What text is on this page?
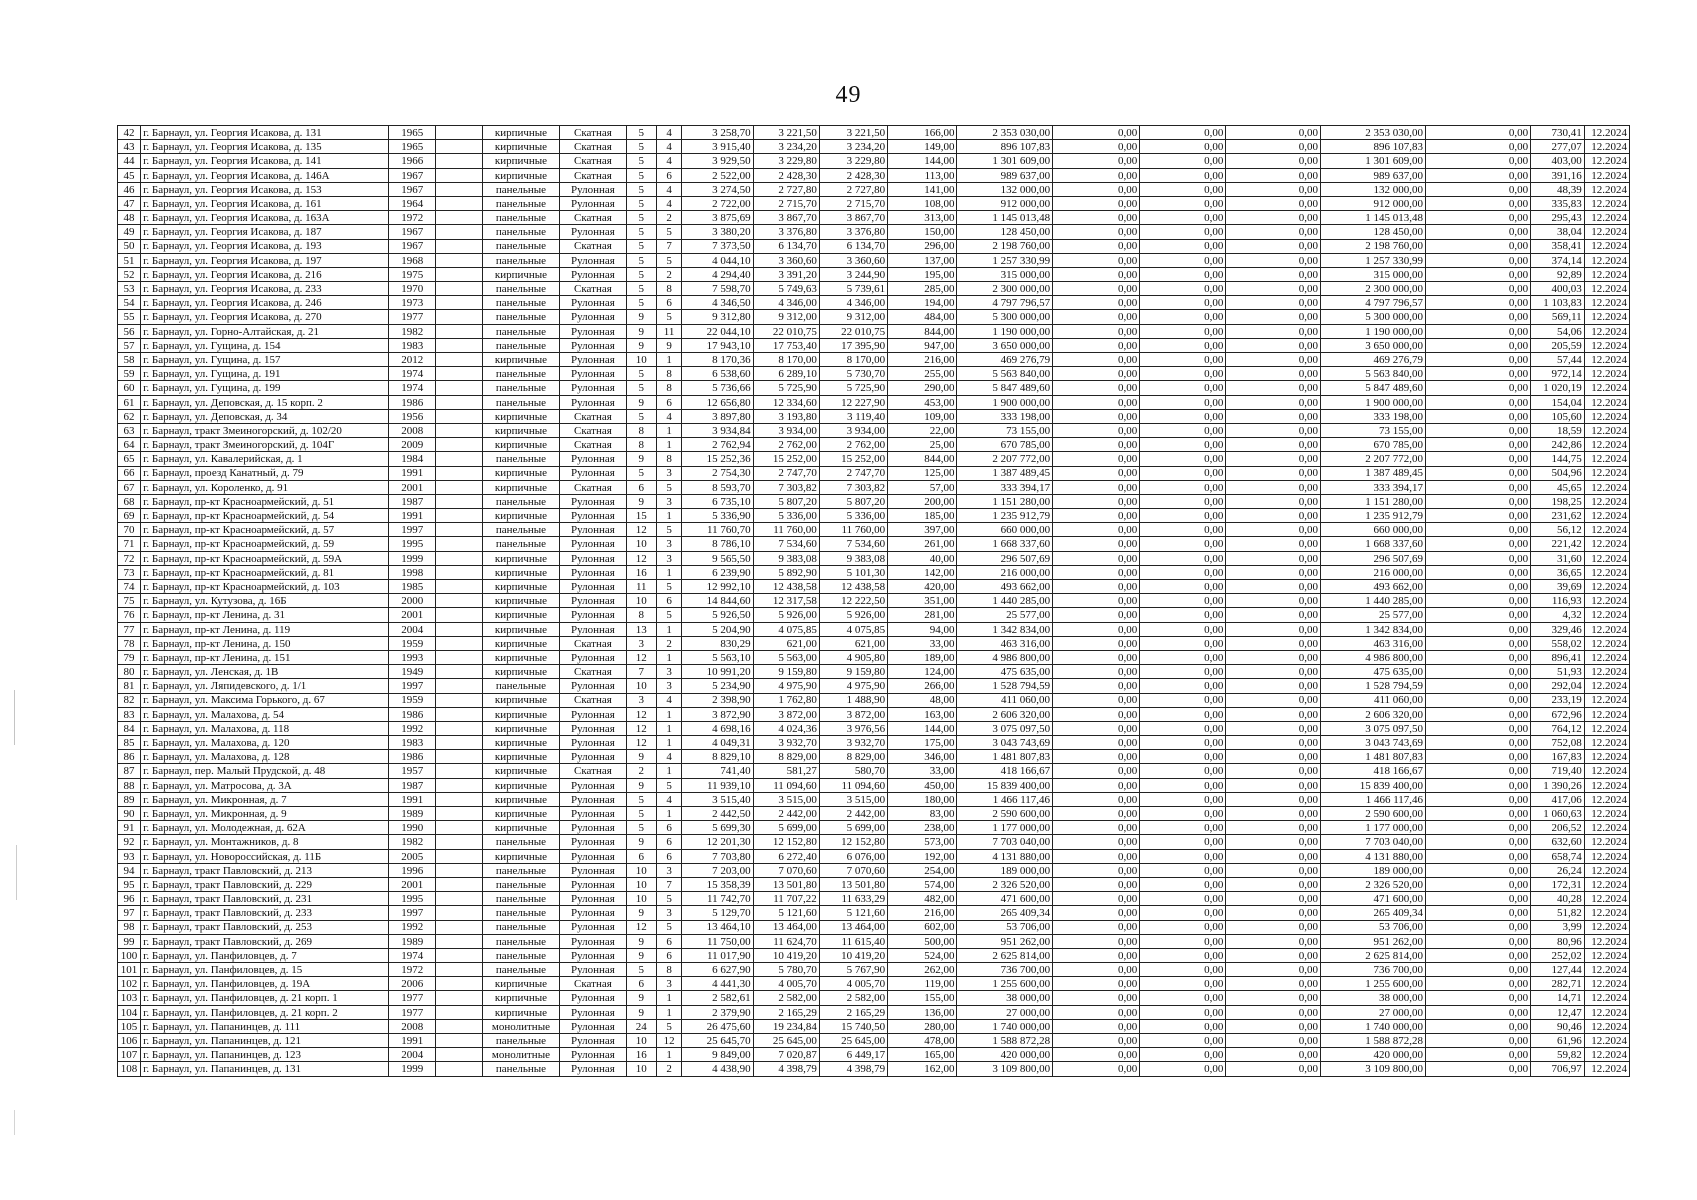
49
42	г. Барнаул, ул. Георгия Исакова, д. 131	1965		кирпичные	Скатная	5	4	3 258,70	3 221,50	3 221,50	166,00	2 353 030,00	0,00	0,00	0,00	2 353 030,00	0,00	730,41	12.2024
43	г. Барнаул, ул. Георгия Исакова, д. 135	1965		кирпичные	Скатная	5	4	3 915,40	3 234,20	3 234,20	149,00	896 107,83	0,00	0,00	0,00	896 107,83	0,00	277,07	12.2024
44	г. Барнаул, ул. Георгия Исакова, д. 141	1966		кирпичные	Скатная	5	4	3 929,50	3 229,80	3 229,80	144,00	1 301 609,00	0,00	0,00	0,00	1 301 609,00	0,00	403,00	12.2024
45	г. Барнаул, ул. Георгия Исакова, д. 146А	1967		кирпичные	Скатная	5	6	2 522,00	2 428,30	2 428,30	113,00	989 637,00	0,00	0,00	0,00	989 637,00	0,00	391,16	12.2024
46	г. Барнаул, ул. Георгия Исакова, д. 153	1967		панельные	Рулонная	5	4	3 274,50	2 727,80	2 727,80	141,00	132 000,00	0,00	0,00	0,00	132 000,00	0,00	48,39	12.2024
47	г. Барнаул, ул. Георгия Исакова, д. 161	1964		панельные	Рулонная	5	4	2 722,00	2 715,70	2 715,70	108,00	912 000,00	0,00	0,00	0,00	912 000,00	0,00	335,83	12.2024
48	г. Барнаул, ул. Георгия Исакова, д. 163А	1972		панельные	Скатная	5	2	3 875,69	3 867,70	3 867,70	313,00	1 145 013,48	0,00	0,00	0,00	1 145 013,48	0,00	295,43	12.2024
49	г. Барнаул, ул. Георгия Исакова, д. 187	1967		панельные	Рулонная	5	5	3 380,20	3 376,80	3 376,80	150,00	128 450,00	0,00	0,00	0,00	128 450,00	0,00	38,04	12.2024
50	г. Барнаул, ул. Георгия Исакова, д. 193	1967		панельные	Скатная	5	7	7 373,50	6 134,70	6 134,70	296,00	2 198 760,00	0,00	0,00	0,00	2 198 760,00	0,00	358,41	12.2024
51	г. Барнаул, ул. Георгия Исакова, д. 197	1968		панельные	Рулонная	5	5	4 044,10	3 360,60	3 360,60	137,00	1 257 330,99	0,00	0,00	0,00	1 257 330,99	0,00	374,14	12.2024
52	г. Барнаул, ул. Георгия Исакова, д. 216	1975		кирпичные	Рулонная	5	2	4 294,40	3 391,20	3 244,90	195,00	315 000,00	0,00	0,00	0,00	315 000,00	0,00	92,89	12.2024
53	г. Барнаул, ул. Георгия Исакова, д. 233	1970		панельные	Скатная	5	8	7 598,70	5 749,63	5 739,61	285,00	2 300 000,00	0,00	0,00	0,00	2 300 000,00	0,00	400,03	12.2024
54	г. Барнаул, ул. Георгия Исакова, д. 246	1973		панельные	Рулонная	5	6	4 346,50	4 346,00	4 346,00	194,00	4 797 796,57	0,00	0,00	0,00	4 797 796,57	0,00	1 103,83	12.2024
55	г. Барнаул, ул. Георгия Исакова, д. 270	1977		панельные	Рулонная	9	5	9 312,80	9 312,00	9 312,00	484,00	5 300 000,00	0,00	0,00	0,00	5 300 000,00	0,00	569,11	12.2024
56	г. Барнаул, ул. Горно-Алтайская, д. 21	1982		панельные	Рулонная	9	11	22 044,10	22 010,75	22 010,75	844,00	1 190 000,00	0,00	0,00	0,00	1 190 000,00	0,00	54,06	12.2024
57	г. Барнаул, ул. Гущина, д. 154	1983		панельные	Рулонная	9	9	17 943,10	17 753,40	17 395,90	947,00	3 650 000,00	0,00	0,00	0,00	3 650 000,00	0,00	205,59	12.2024
58	г. Барнаул, ул. Гущина, д. 157	2012		кирпичные	Рулонная	10	1	8 170,36	8 170,00	8 170,00	216,00	469 276,79	0,00	0,00	0,00	469 276,79	0,00	57,44	12.2024
59	г. Барнаул, ул. Гущина, д. 191	1974		панельные	Рулонная	5	8	6 538,60	6 289,10	5 730,70	255,00	5 563 840,00	0,00	0,00	0,00	5 563 840,00	0,00	972,14	12.2024
60	г. Барнаул, ул. Гущина, д. 199	1974		панельные	Рулонная	5	8	5 736,66	5 725,90	5 725,90	290,00	5 847 489,60	0,00	0,00	0,00	5 847 489,60	0,00	1 020,19	12.2024
61	г. Барнаул, ул. Деповская, д. 15 корп. 2	1986		панельные	Рулонная	9	6	12 656,80	12 334,60	12 227,90	453,00	1 900 000,00	0,00	0,00	0,00	1 900 000,00	0,00	154,04	12.2024
62	г. Барнаул, ул. Деповская, д. 34	1956		кирпичные	Скатная	5	4	3 897,80	3 193,80	3 119,40	109,00	333 198,00	0,00	0,00	0,00	333 198,00	0,00	105,60	12.2024
63	г. Барнаул, тракт Змеиногорский, д. 102/20	2008		кирпичные	Скатная	8	1	3 934,84	3 934,00	3 934,00	22,00	73 155,00	0,00	0,00	0,00	73 155,00	0,00	18,59	12.2024
64	г. Барнаул, тракт Змеиногорский, д. 104Г	2009		кирпичные	Скатная	8	1	2 762,94	2 762,00	2 762,00	25,00	670 785,00	0,00	0,00	0,00	670 785,00	0,00	242,86	12.2024
65	г. Барнаул, ул. Кавалерийская, д. 1	1984		панельные	Рулонная	9	8	15 252,36	15 252,00	15 252,00	844,00	2 207 772,00	0,00	0,00	0,00	2 207 772,00	0,00	144,75	12.2024
66	г. Барнаул, проезд Канатный, д. 79	1991		кирпичные	Рулонная	5	3	2 754,30	2 747,70	2 747,70	125,00	1 387 489,45	0,00	0,00	0,00	1 387 489,45	0,00	504,96	12.2024
67	г. Барнаул, ул. Короленко, д. 91	2001		кирпичные	Скатная	6	5	8 593,70	7 303,82	7 303,82	57,00	333 394,17	0,00	0,00	0,00	333 394,17	0,00	45,65	12.2024
68	г. Барнаул, пр-кт Красноармейский, д. 51	1987		панельные	Рулонная	9	3	6 735,10	5 807,20	5 807,20	200,00	1 151 280,00	0,00	0,00	0,00	1 151 280,00	0,00	198,25	12.2024
69	г. Барнаул, пр-кт Красноармейский, д. 54	1991		кирпичные	Рулонная	15	1	5 336,90	5 336,00	5 336,00	185,00	1 235 912,79	0,00	0,00	0,00	1 235 912,79	0,00	231,62	12.2024
70	г. Барнаул, пр-кт Красноармейский, д. 57	1997		панельные	Рулонная	12	5	11 760,70	11 760,00	11 760,00	397,00	660 000,00	0,00	0,00	0,00	660 000,00	0,00	56,12	12.2024
71	г. Барнаул, пр-кт Красноармейский, д. 59	1995		панельные	Рулонная	10	3	8 786,10	7 534,60	7 534,60	261,00	1 668 337,60	0,00	0,00	0,00	1 668 337,60	0,00	221,42	12.2024
72	г. Барнаул, пр-кт Красноармейский, д. 59А	1999		кирпичные	Рулонная	12	3	9 565,50	9 383,08	9 383,08	40,00	296 507,69	0,00	0,00	0,00	296 507,69	0,00	31,60	12.2024
73	г. Барнаул, пр-кт Красноармейский, д. 81	1998		кирпичные	Рулонная	16	1	6 239,90	5 892,90	5 101,30	142,00	216 000,00	0,00	0,00	0,00	216 000,00	0,00	36,65	12.2024
74	г. Барнаул, пр-кт Красноармейский, д. 103	1985		кирпичные	Рулонная	11	5	12 992,10	12 438,58	12 438,58	420,00	493 662,00	0,00	0,00	0,00	493 662,00	0,00	39,69	12.2024
75	г. Барнаул, ул. Кутузова, д. 16Б	2000		кирпичные	Рулонная	10	6	14 844,60	12 317,58	12 222,50	351,00	1 440 285,00	0,00	0,00	0,00	1 440 285,00	0,00	116,93	12.2024
76	г. Барнаул, пр-кт Ленина, д. 31	2001		кирпичные	Рулонная	8	5	5 926,50	5 926,00	5 926,00	281,00	25 577,00	0,00	0,00	0,00	25 577,00	0,00	4,32	12.2024
77	г. Барнаул, пр-кт Ленина, д. 119	2004		кирпичные	Рулонная	13	1	5 204,90	4 075,85	4 075,85	94,00	1 342 834,00	0,00	0,00	0,00	1 342 834,00	0,00	329,46	12.2024
78	г. Барнаул, пр-кт Ленина, д. 150	1959		кирпичные	Скатная	3	2	830,29	621,00	621,00	33,00	463 316,00	0,00	0,00	0,00	463 316,00	0,00	558,02	12.2024
79	г. Барнаул, пр-кт Ленина, д. 151	1993		кирпичные	Рулонная	12	1	5 563,10	5 563,00	4 905,80	189,00	4 986 800,00	0,00	0,00	0,00	4 986 800,00	0,00	896,41	12.2024
80	г. Барнаул, ул. Ленская, д. 1В	1949		кирпичные	Скатная	7	3	10 991,20	9 159,80	9 159,80	124,00	475 635,00	0,00	0,00	0,00	475 635,00	0,00	51,93	12.2024
81	г. Барнаул, ул. Ляпидевского, д. 1/1	1997		панельные	Рулонная	10	3	5 234,90	4 975,90	4 975,90	266,00	1 528 794,59	0,00	0,00	0,00	1 528 794,59	0,00	292,04	12.2024
82	г. Барнаул, ул. Максима Горького, д. 67	1959		кирпичные	Скатная	3	4	2 398,90	1 762,80	1 488,90	48,00	411 060,00	0,00	0,00	0,00	411 060,00	0,00	233,19	12.2024
83	г. Барнаул, ул. Малахова, д. 54	1986		кирпичные	Рулонная	12	1	3 872,90	3 872,00	3 872,00	163,00	2 606 320,00	0,00	0,00	0,00	2 606 320,00	0,00	672,96	12.2024
84	г. Барнаул, ул. Малахова, д. 118	1992		кирпичные	Рулонная	12	1	4 698,16	4 024,36	3 976,56	144,00	3 075 097,50	0,00	0,00	0,00	3 075 097,50	0,00	764,12	12.2024
85	г. Барнаул, ул. Малахова, д. 120	1983		кирпичные	Рулонная	12	1	4 049,31	3 932,70	3 932,70	175,00	3 043 743,69	0,00	0,00	0,00	3 043 743,69	0,00	752,08	12.2024
86	г. Барнаул, ул. Малахова, д. 128	1986		кирпичные	Рулонная	9	4	8 829,10	8 829,00	8 829,00	346,00	1 481 807,83	0,00	0,00	0,00	1 481 807,83	0,00	167,83	12.2024
87	г. Барнаул, пер. Малый Прудской, д. 48	1957		кирпичные	Скатная	2	1	741,40	581,27	580,70	33,00	418 166,67	0,00	0,00	0,00	418 166,67	0,00	719,40	12.2024
88	г. Барнаул, ул. Матросова, д. 3А	1987		кирпичные	Рулонная	9	5	11 939,10	11 094,60	11 094,60	450,00	15 839 400,00	0,00	0,00	0,00	15 839 400,00	0,00	1 390,26	12.2024
89	г. Барнаул, ул. Микронная, д. 7	1991		кирпичные	Рулонная	5	4	3 515,40	3 515,00	3 515,00	180,00	1 466 117,46	0,00	0,00	0,00	1 466 117,46	0,00	417,06	12.2024
90	г. Барнаул, ул. Микронная, д. 9	1989		кирпичные	Рулонная	5	1	2 442,50	2 442,00	2 442,00	83,00	2 590 600,00	0,00	0,00	0,00	2 590 600,00	0,00	1 060,63	12.2024
91	г. Барнаул, ул. Молодежная, д. 62А	1990		кирпичные	Рулонная	5	6	5 699,30	5 699,00	5 699,00	238,00	1 177 000,00	0,00	0,00	0,00	1 177 000,00	0,00	206,52	12.2024
92	г. Барнаул, ул. Монтажников, д. 8	1982		панельные	Рулонная	9	6	12 201,30	12 152,80	12 152,80	573,00	7 703 040,00	0,00	0,00	0,00	7 703 040,00	0,00	632,60	12.2024
93	г. Барнаул, ул. Новороссийская, д. 11Б	2005		кирпичные	Рулонная	6	6	7 703,80	6 272,40	6 076,00	192,00	4 131 880,00	0,00	0,00	0,00	4 131 880,00	0,00	658,74	12.2024
94	г. Барнаул, тракт Павловский, д. 213	1996		панельные	Рулонная	10	3	7 203,00	7 070,60	7 070,60	254,00	189 000,00	0,00	0,00	0,00	189 000,00	0,00	26,24	12.2024
95	г. Барнаул, тракт Павловский, д. 229	2001		панельные	Рулонная	10	7	15 358,39	13 501,80	13 501,80	574,00	2 326 520,00	0,00	0,00	0,00	2 326 520,00	0,00	172,31	12.2024
96	г. Барнаул, тракт Павловский, д. 231	1995		панельные	Рулонная	10	5	11 742,70	11 707,22	11 633,29	482,00	471 600,00	0,00	0,00	0,00	471 600,00	0,00	40,28	12.2024
97	г. Барнаул, тракт Павловский, д. 233	1997		панельные	Рулонная	9	3	5 129,70	5 121,60	5 121,60	216,00	265 409,34	0,00	0,00	0,00	265 409,34	0,00	51,82	12.2024
98	г. Барнаул, тракт Павловский, д. 253	1992		панельные	Рулонная	12	5	13 464,10	13 464,00	13 464,00	602,00	53 706,00	0,00	0,00	0,00	53 706,00	0,00	3,99	12.2024
99	г. Барнаул, тракт Павловский, д. 269	1989		панельные	Рулонная	9	6	11 750,00	11 624,70	11 615,40	500,00	951 262,00	0,00	0,00	0,00	951 262,00	0,00	80,96	12.2024
100	г. Барнаул, ул. Панфиловцев, д. 7	1974		панельные	Рулонная	9	6	11 017,90	10 419,20	10 419,20	524,00	2 625 814,00	0,00	0,00	0,00	2 625 814,00	0,00	252,02	12.2024
101	г. Барнаул, ул. Панфиловцев, д. 15	1972		панельные	Рулонная	5	8	6 627,90	5 780,70	5 767,90	262,00	736 700,00	0,00	0,00	0,00	736 700,00	0,00	127,44	12.2024
102	г. Барнаул, ул. Панфиловцев, д. 19А	2006		кирпичные	Скатная	6	3	4 441,30	4 005,70	4 005,70	119,00	1 255 600,00	0,00	0,00	0,00	1 255 600,00	0,00	282,71	12.2024
103	г. Барнаул, ул. Панфиловцев, д. 21 корп. 1	1977		кирпичные	Рулонная	9	1	2 582,61	2 582,00	2 582,00	155,00	38 000,00	0,00	0,00	0,00	38 000,00	0,00	14,71	12.2024
104	г. Барнаул, ул. Панфиловцев, д. 21 корп. 2	1977		кирпичные	Рулонная	9	1	2 379,90	2 165,29	2 165,29	136,00	27 000,00	0,00	0,00	0,00	27 000,00	0,00	12,47	12.2024
105	г. Барнаул, ул. Папанинцев, д. 111	2008		монолитные	Рулонная	24	5	26 475,60	19 234,84	15 740,50	280,00	1 740 000,00	0,00	0,00	0,00	1 740 000,00	0,00	90,46	12.2024
106	г. Барнаул, ул. Папанинцев, д. 121	1991		панельные	Рулонная	10	12	25 645,70	25 645,00	25 645,00	478,00	1 588 872,28	0,00	0,00	0,00	1 588 872,28	0,00	61,96	12.2024
107	г. Барнаул, ул. Папанинцев, д. 123	2004		монолитные	Рулонная	16	1	9 849,00	7 020,87	6 449,17	165,00	420 000,00	0,00	0,00	0,00	420 000,00	0,00	59,82	12.2024
108	г. Барнаул, ул. Папанинцев, д. 131	1999		панельные	Рулонная	10	2	4 438,90	4 398,79	4 398,79	162,00	3 109 800,00	0,00	0,00	0,00	3 109 800,00	0,00	706,97	12.2024
